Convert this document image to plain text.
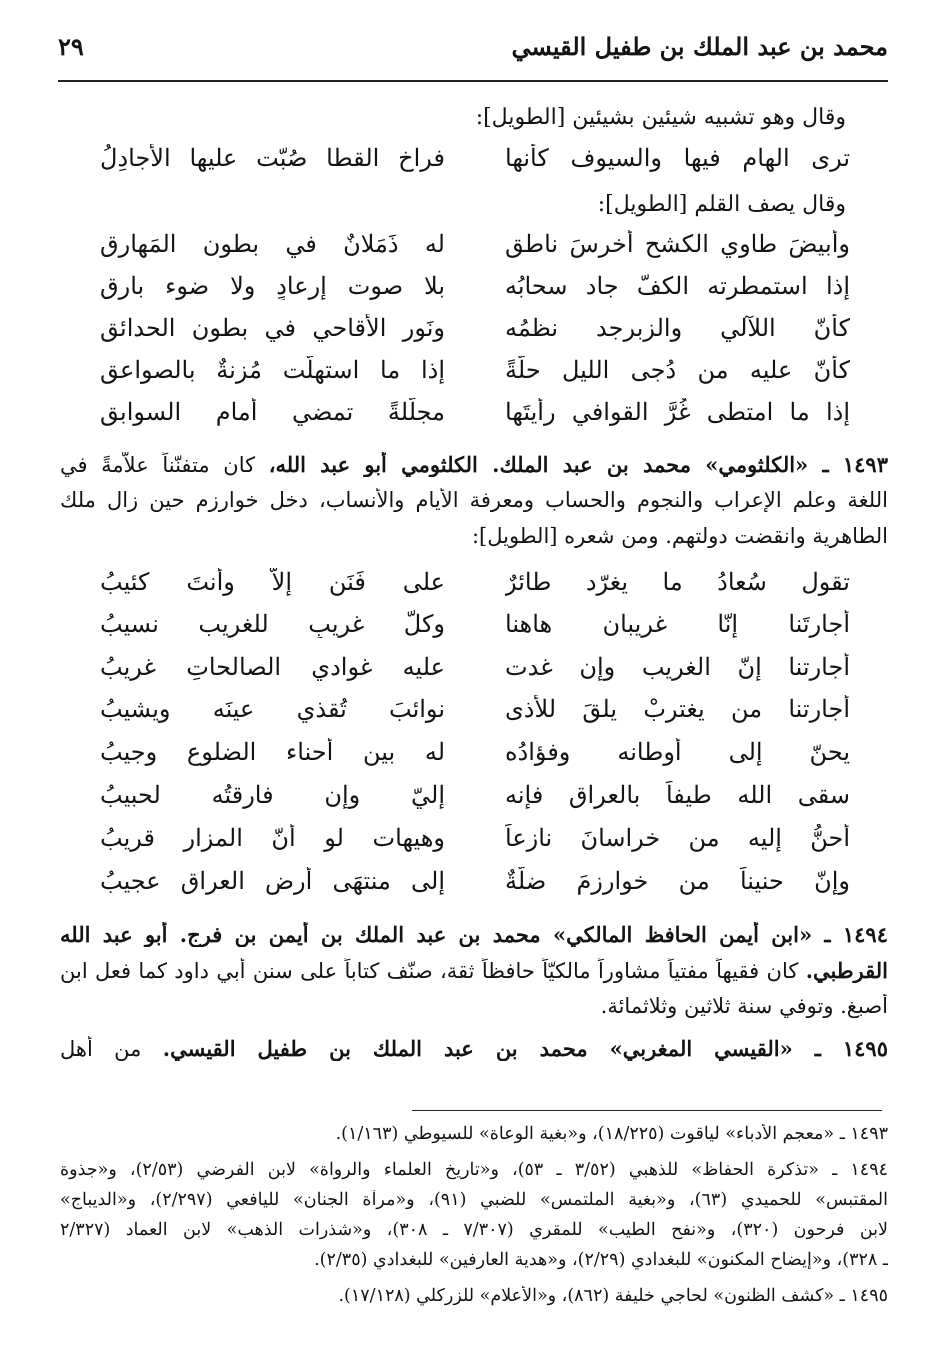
محمد بن عبد الملك بن طفيل القيسي
٢٩
وقال وهو تشبيه شيئين بشيئين [الطويل]:
ترى الهام فيها والسيوف كأنها
فراخ القطا صُبّت عليها الأجادِلُ
وقال يصف القلم [الطويل]:
وأبيضَ طاوي الكشح أخرسَ ناطقٍ
له ذَمَلانٌ في بطون المَهارقِ
إذا استمطرته الكفّ جاد سحابُه
بلا صوت إرعادٍ ولا ضوء بارقِ
كأنّ اللآلي والزبرجد نظمُه
ونَور الأقاحي في بطون الحدائقِ
كأنّ عليه من دُجى الليل حلّةً
إذا ما استهلّت مُزنةٌ بالصواعقِ
إذا ما امتطى غُرَّ القوافي رأيتَها
مجلّلةً تمضي أمام السوابقِ
١٤٩٣ ـ «الكلثومي» محمد بن عبد الملك. الكلثومي أبو عبد الله، كان متفنّناً علاّمةً في
اللغة وعلم الإعراب والنجوم والحساب ومعرفة الأيام والأنساب، دخل خوارزم حين زال ملك
الطاهرية وانقضت دولتهم. ومن شعره [الطويل]:
تقول سُعادُ ما يغرّد طائرٌ
على فَنَنٍ إلاّ وأنتَ كئيبُ
أجارتَنا إنّا غريبان هاهنا
وكلّ غريبٍ للغريب نسيبُ
أجارتنا إنّ الغريب وإن غدت
عليه غوادي الصالحاتِ غريبُ
أجارتنا من يغتربْ يلقَ للأذى
نوائبَ تُقذي عينَه ويشيبُ
يحنّ إلى أوطانه وفؤادُه
له بين أحناء الضلوع وجيبُ
سقى الله طيفاً بالعراق فإنه
إليّ وإن فارقتُه لحبيبُ
أحنُّ إليه من خراسانَ نازعاً
وهيهات لو أنّ المزار قريبُ
وإنّ حنيناً من خوارزمَ ضلّةٌ
إلى منتهَى أرض العراق عجيبُ
١٤٩٤ ـ «ابن أيمن الحافظ المالكي» محمد بن عبد الملك بن أيمن بن فرج. أبو عبد الله
القرطبي. كان فقيهاً مفتياً مشاوراً مالكيّاً حافظاً ثقة، صنّف كتاباً على سنن أبي داود كما فعل ابن
أصبغ. وتوفي سنة ثلاثين وثلاثمائة.
١٤٩٥ ـ «القيسي المغربي» محمد بن عبد الملك بن طفيل القيسي. من أهل
١٤٩٣ ـ «معجم الأدباء» لياقوت (١٨/٢٢٥)، و«بغية الوعاة» للسيوطي (١/١٦٣).
١٤٩٤ ـ «تذكرة الحفاظ» للذهبي (٣/٥٢ ـ ٥٣)، و«تاريخ العلماء والرواة» لابن الفرضي (٢/٥٣)، و«جذوة
المقتبس» للحميدي (٦٣)، و«بغية الملتمس» للضبي (٩١)، و«مرآة الجنان» لليافعي (٢/٢٩٧)، و«الديباج»
لابن فرحون (٣٢٠)، و«نفح الطيب» للمقري (٧/٣٠٧ ـ ٣٠٨)، و«شذرات الذهب» لابن العماد (٢/٣٢٧
ـ ٣٢٨)، و«إيضاح المكنون» للبغدادي (٢/٢٩)، و«هدية العارفين» للبغدادي (٢/٣٥).
١٤٩٥ ـ «كشف الظنون» لحاجي خليفة (٨٦٢)، و«الأعلام» للزركلي (١٧/١٢٨).
